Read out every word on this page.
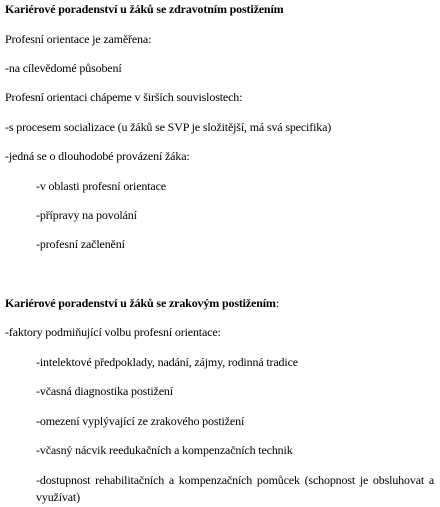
Kariérové poradenství u žáků se zdravotním postižením
Profesní orientace je zaměřena:
-na cílevědomé působení
Profesní orientaci chápeme v širších souvislostech:
-s procesem socializace (u žáků se SVP je složitější, má svá specifika)
-jedná se o dlouhodobé provázení žáka:
-v oblasti profesní orientace
-přípravy na povolání
-profesní začlenění
Kariérové poradenství u žáků se zrakovým postižením:
-faktory podmiňující volbu profesní orientace:
-intelektové předpoklady, nadání, zájmy, rodinná tradice
-včasná diagnostika postižení
-omezení vyplývající ze zrakového postižení
-včasný nácvik reedukačních a kompenzačních technik
-dostupnost rehabilitačních a kompenzačních pomůcek (schopnost je obsluhovat a využívat)
